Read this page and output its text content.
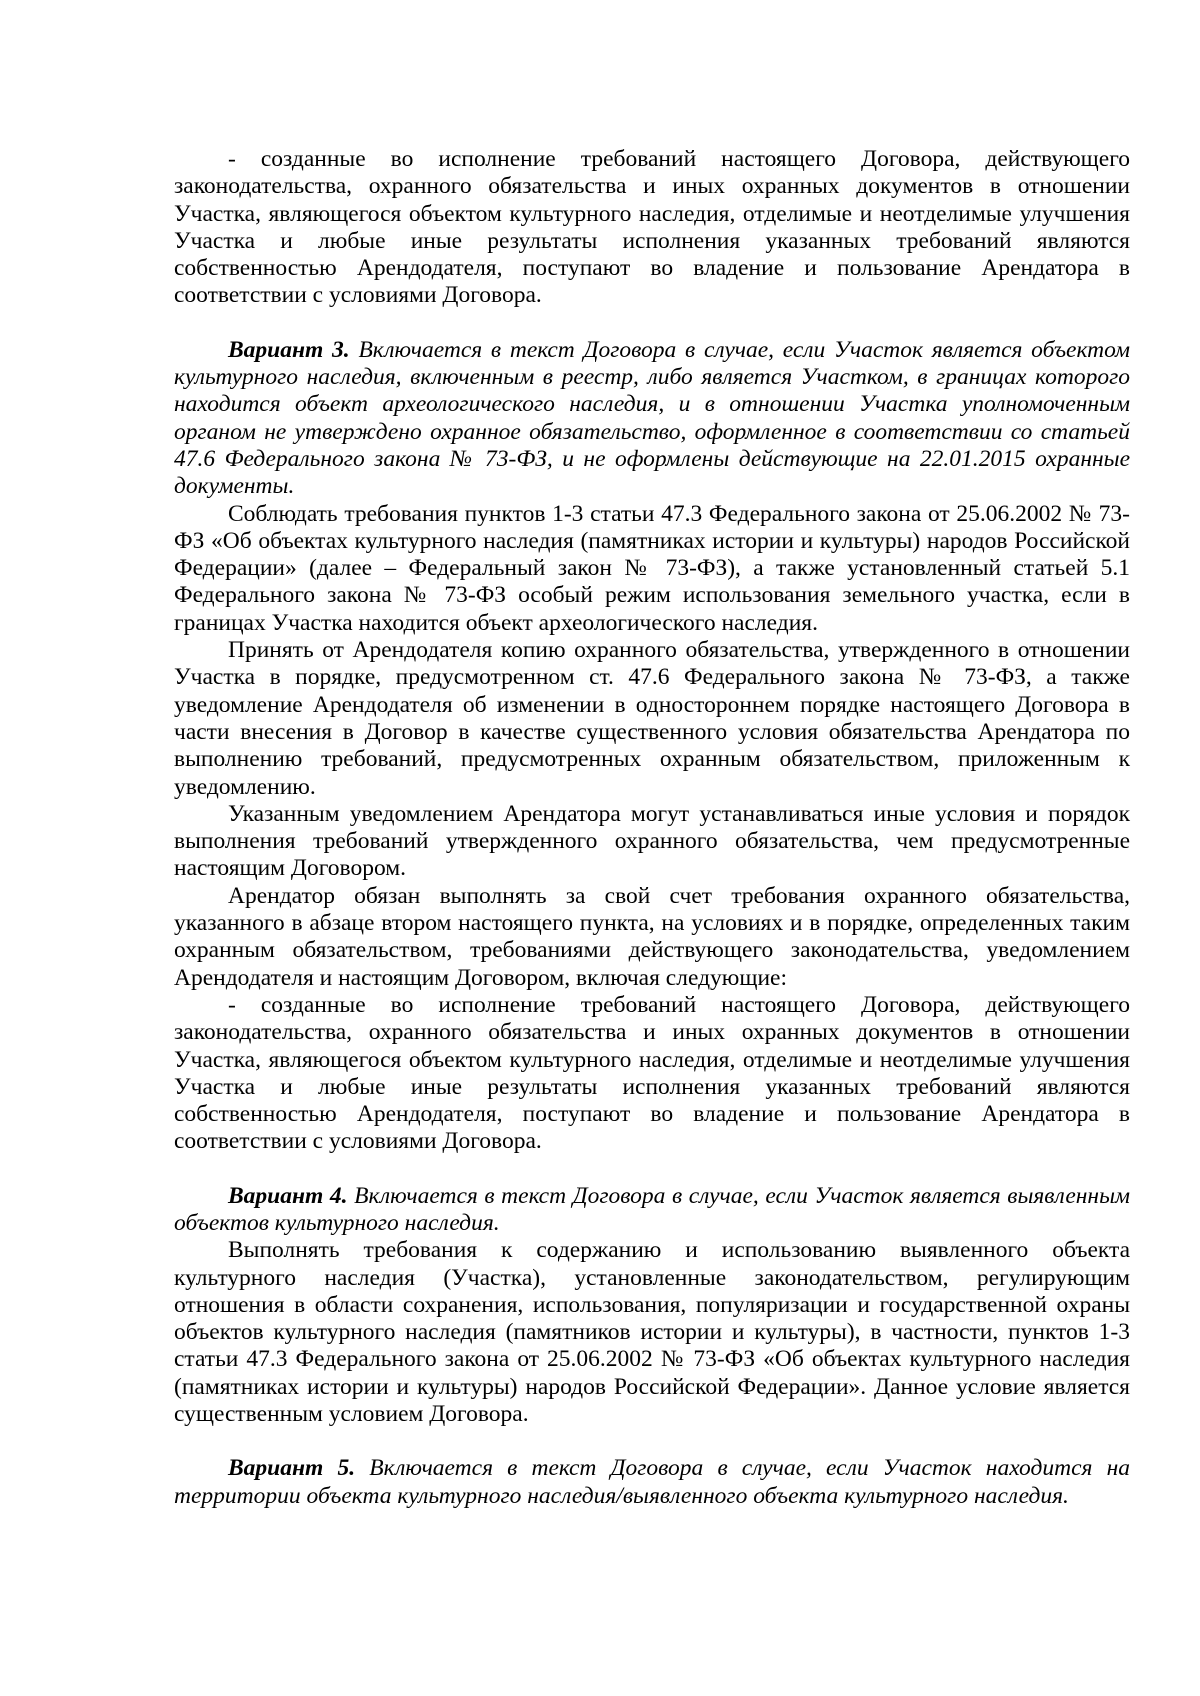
- созданные во исполнение требований настоящего Договора, действующего законодательства, охранного обязательства и иных охранных документов в отношении Участка, являющегося объектом культурного наследия, отделимые и неотделимые улучшения Участка и любые иные результаты исполнения указанных требований являются собственностью Арендодателя, поступают во владение и пользование Арендатора в соответствии с условиями Договора.

Вариант 3. Включается в текст Договора в случае, если Участок является объектом культурного наследия, включенным в реестр, либо является Участком, в границах которого находится объект археологического наследия, и в отношении Участка уполномоченным органом не утверждено охранное обязательство, оформленное в соответствии со статьей 47.6 Федерального закона № 73-ФЗ, и не оформлены действующие на 22.01.2015 охранные документы.

Соблюдать требования пунктов 1-3 статьи 47.3 Федерального закона от 25.06.2002 № 73-ФЗ «Об объектах культурного наследия (памятниках истории и культуры) народов Российской Федерации» (далее – Федеральный закон № 73-ФЗ), а также установленный статьей 5.1 Федерального закона № 73-ФЗ особый режим использования земельного участка, если в границах Участка находится объект археологического наследия.

Принять от Арендодателя копию охранного обязательства, утвержденного в отношении Участка в порядке, предусмотренном ст. 47.6 Федерального закона № 73-ФЗ, а также уведомление Арендодателя об изменении в одностороннем порядке настоящего Договора в части внесения в Договор в качестве существенного условия обязательства Арендатора по выполнению требований, предусмотренных охранным обязательством, приложенным к уведомлению.

Указанным уведомлением Арендатора могут устанавливаться иные условия и порядок выполнения требований утвержденного охранного обязательства, чем предусмотренные настоящим Договором.

Арендатор обязан выполнять за свой счет требования охранного обязательства, указанного в абзаце втором настоящего пункта, на условиях и в порядке, определенных таким охранным обязательством, требованиями действующего законодательства, уведомлением Арендодателя и настоящим Договором, включая следующие:

- созданные во исполнение требований настоящего Договора, действующего законодательства, охранного обязательства и иных охранных документов в отношении Участка, являющегося объектом культурного наследия, отделимые и неотделимые улучшения Участка и любые иные результаты исполнения указанных требований являются собственностью Арендодателя, поступают во владение и пользование Арендатора в соответствии с условиями Договора.

Вариант 4. Включается в текст Договора в случае, если Участок является выявленным объектов культурного наследия.

Выполнять требования к содержанию и использованию выявленного объекта культурного наследия (Участка), установленные законодательством, регулирующим отношения в области сохранения, использования, популяризации и государственной охраны объектов культурного наследия (памятников истории и культуры), в частности, пунктов 1-3 статьи 47.3 Федерального закона от 25.06.2002 № 73-ФЗ «Об объектах культурного наследия (памятниках истории и культуры) народов Российской Федерации». Данное условие является существенным условием Договора.

Вариант 5. Включается в текст Договора в случае, если Участок находится на территории объекта культурного наследия/выявленного объекта культурного наследия.
